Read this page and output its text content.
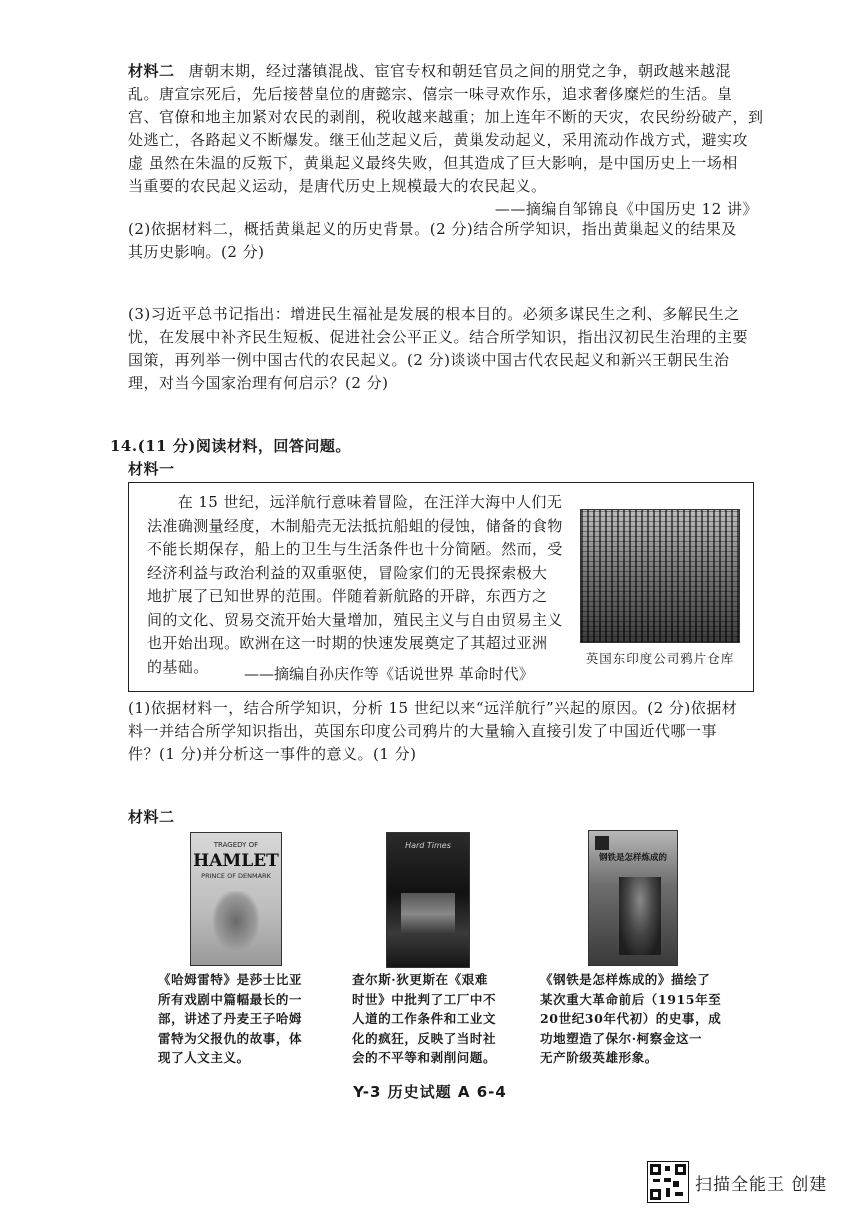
材料二 唐朝末期，经过藩镇混战、宦官专权和朝廷官员之间的朋党之争，朝政越来越混
乱。唐宣宗死后，先后接替皇位的唐懿宗、僖宗一味寻欢作乐，追求奢侈糜烂的生活。皇
宫、官僚和地主加紧对农民的剥削，税收越来越重；加上连年不断的天灾，农民纷纷破产，到
处逃亡，各路起义不断爆发。继王仙芝起义后，黄巢发动起义，采用流动作战方式，避实攻
虚 虽然在朱温的反叛下，黄巢起义最终失败，但其造成了巨大影响，是中国历史上一场相
当重要的农民起义运动，是唐代历史上规模最大的农民起义。
——摘编自邹锦良《中国历史 12 讲》
(2)依据材料二，概括黄巢起义的历史背景。(2 分)结合所学知识，指出黄巢起义的结果及
其历史影响。(2 分)
(3)习近平总书记指出：增进民生福祉是发展的根本目的。必须多谋民生之利、多解民生之
忧，在发展中补齐民生短板、促进社会公平正义。结合所学知识，指出汉初民生治理的主要
国策，再列举一例中国古代的农民起义。(2 分)谈谈中国古代农民起义和新兴王朝民生治
理，对当今国家治理有何启示？(2 分)
14.(11 分)阅读材料，回答问题。
材料一
　　在 15 世纪，远洋航行意味着冒险，在汪洋大海中人们无
法准确测量经度，木制船壳无法抵抗船蛆的侵蚀，储备的食物
不能长期保存，船上的卫生与生活条件也十分简陋。然而，受
经济利益与政治利益的双重驱使，冒险家们的无畏探索极大
地扩展了已知世界的范围。伴随着新航路的开辟，东西方之
间的文化、贸易交流开始大量增加，殖民主义与自由贸易主义
也开始出现。欧洲在这一时期的快速发展奠定了其超过亚洲
的基础。	——摘编自孙庆作等《话说世界 革命时代》
英国东印度公司鸦片仓库
(1)依据材料一，结合所学知识，分析 15 世纪以来“远洋航行”兴起的原因。(2 分)依据材
料一并结合所学知识指出，英国东印度公司鸦片的大量输入直接引发了中国近代哪一事
件？(1 分)并分析这一事件的意义。(1 分)
材料二
TRAGEDY OF
HAMLET
PRINCE OF DENMARK
《哈姆雷特》是莎士比亚
所有戏剧中篇幅最长的一
部，讲述了丹麦王子哈姆
雷特为父报仇的故事，体
现了人文主义。
Hard Times
查尔斯·狄更斯在《艰难
时世》中批判了工厂中不
人道的工作条件和工业文
化的疯狂，反映了当时社
会的不平等和剥削问题。
钢铁是怎样炼成的
《钢铁是怎样炼成的》描绘了
某次重大革命前后（1915年至
20世纪30年代初）的史事，成
功地塑造了保尔·柯察金这一
无产阶级英雄形象。
Y-3 历史试题 A 6-4
扫描全能王 创建
